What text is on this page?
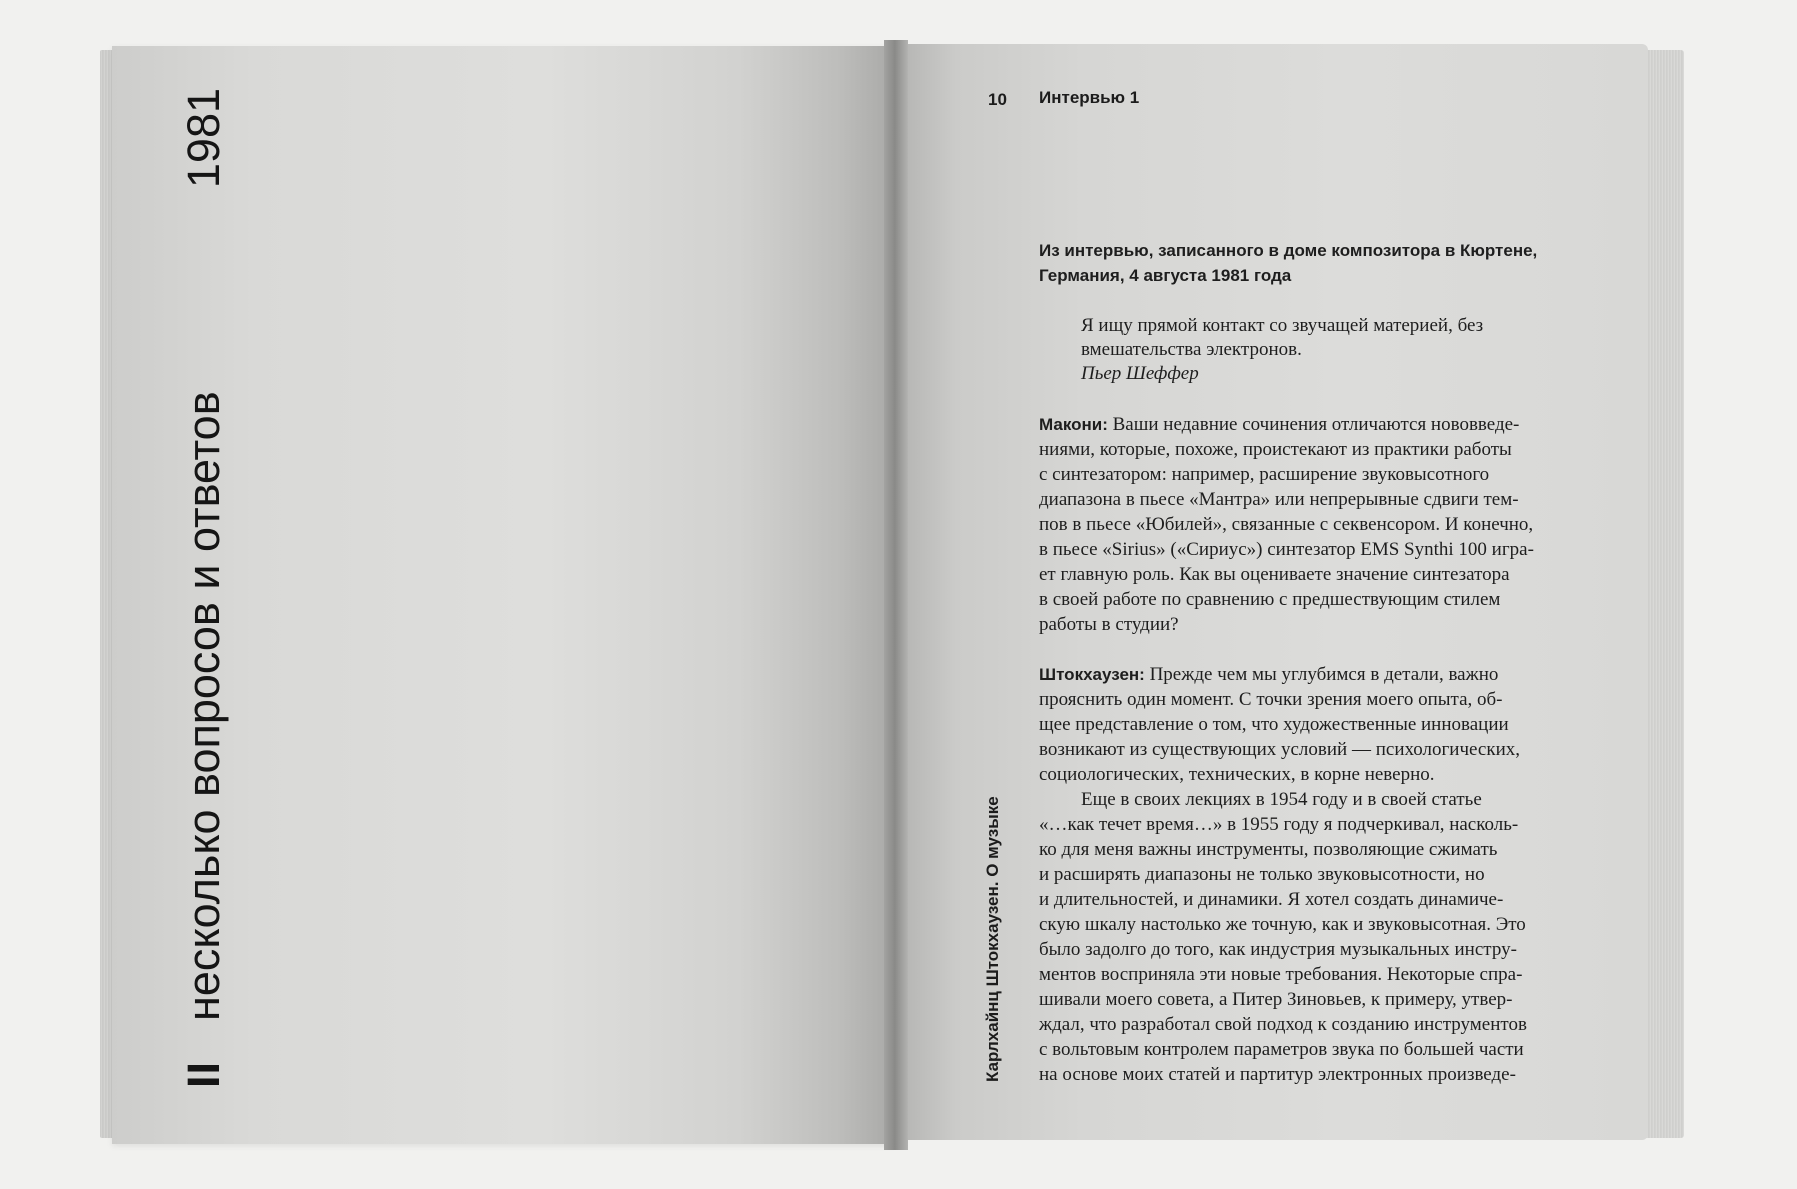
II
несколько вопросов и ответов
1981	10 Интервью 1
Карлхайнц Штокхаузен. О музыке
Из интервью, записанного в доме композитора в Кюртене,
Германия, 4 августа 1981 года
Я ищу прямой контакт со звучащей материей, без
вмешательства электронов.
Пьер Шеффер
Макони: Ваши недавние сочинения отличаются нововведе-
ниями, которые, похоже, проистекают из практики работы
с синтезатором: например, расширение звуковысотного
диапазона в пьесе «Мантра» или непрерывные сдвиги тем-
пов в пьесе «Юбилей», связанные с секвенсором. И конечно,
в пьесе «Sirius» («Сириус») синтезатор EMS Synthi 100 игра-
ет главную роль. Как вы оцениваете значение синтезатора
в своей работе по сравнению с предшествующим стилем
работы в студии?
Штокхаузен: Прежде чем мы углубимся в детали, важно
прояснить один момент. С точки зрения моего опыта, об-
щее представление о том, что художественные инновации
возникают из существующих условий — психологических,
социологических, технических, в корне неверно.
Еще в своих лекциях в 1954 году и в своей статье
«…как течет время…» в 1955 году я подчеркивал, насколь-
ко для меня важны инструменты, позволяющие сжимать
и расширять диапазоны не только звуковысотности, но
и длительностей, и динамики. Я хотел создать динамиче-
скую шкалу настолько же точную, как и звуковысотная. Это
было задолго до того, как индустрия музыкальных инстру-
ментов восприняла эти новые требования. Некоторые спра-
шивали моего совета, а Питер Зиновьев, к примеру, утвер-
ждал, что разработал свой подход к созданию инструментов
с вольтовым контролем параметров звука по большей части
на основе моих статей и партитур электронных произведе-
